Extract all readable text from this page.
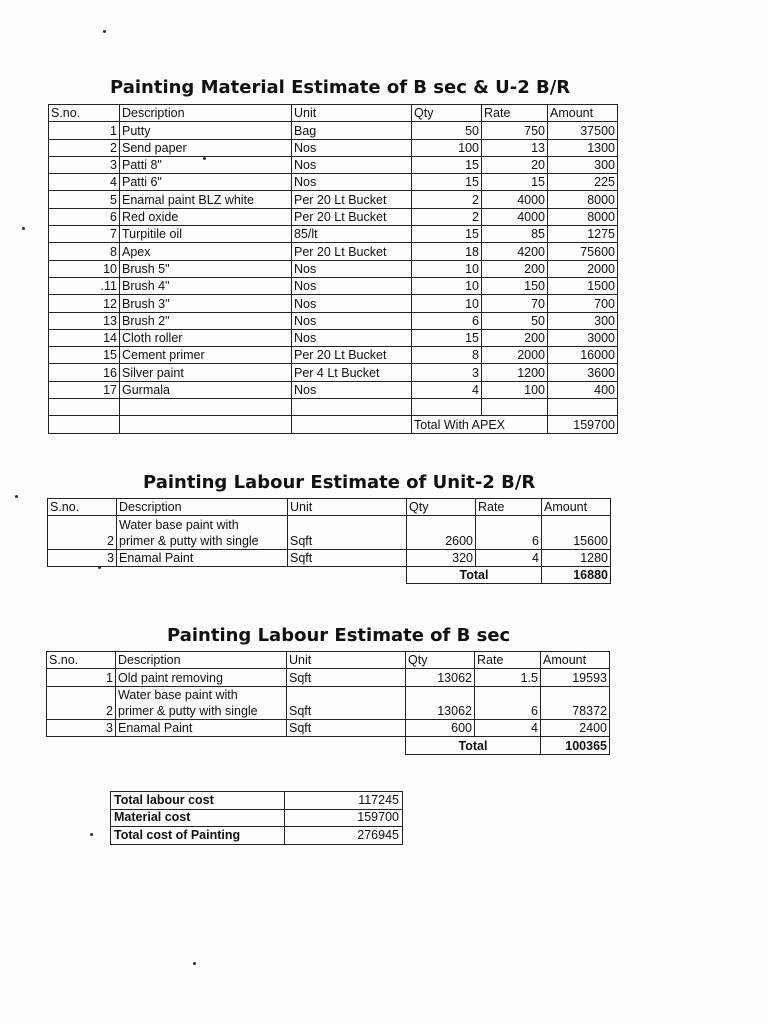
Painting Material Estimate of B sec & U-2 B/R
S.no.	Description	Unit	Qty	Rate	Amount
1	Putty	Bag	50	750	37500
2	Send paper	Nos	100	13	1300
3	Patti 8"	Nos	15	20	300
4	Patti 6"	Nos	15	15	225
5	Enamal paint BLZ white	Per 20 Lt Bucket	2	4000	8000
6	Red oxide	Per 20 Lt Bucket	2	4000	8000
7	Turpitile oil	85/lt	15	85	1275
8	Apex	Per 20 Lt Bucket	18	4200	75600
10	Brush 5"	Nos	10	200	2000
.11	Brush 4"	Nos	10	150	1500
12	Brush 3"	Nos	10	70	700
13	Brush 2"	Nos	6	50	300
14	Cloth roller	Nos	15	200	3000
15	Cement primer	Per 20 Lt Bucket	8	2000	16000
16	Silver paint	Per 4 Lt Bucket	3	1200	3600
17	Gurmala	Nos	4	100	400

			Total With APEX		159700
Painting Labour Estimate of Unit-2 B/R
S.no.	Description	Unit	Qty	Rate	Amount
	Water base paint with				
2	primer & putty with single	Sqft	2600	6	15600
3	Enamal Paint	Sqft	320	4	1280
			Total		16880
Painting Labour Estimate of B sec
S.no.	Description	Unit	Qty	Rate	Amount
1	Old paint removing	Sqft	13062	1.5	19593
	Water base paint with				
2	primer & putty with single	Sqft	13062	6	78372
3	Enamal Paint	Sqft	600	4	2400
			Total		100365
Total labour cost	117245
Material cost	159700
Total cost of Painting	276945
